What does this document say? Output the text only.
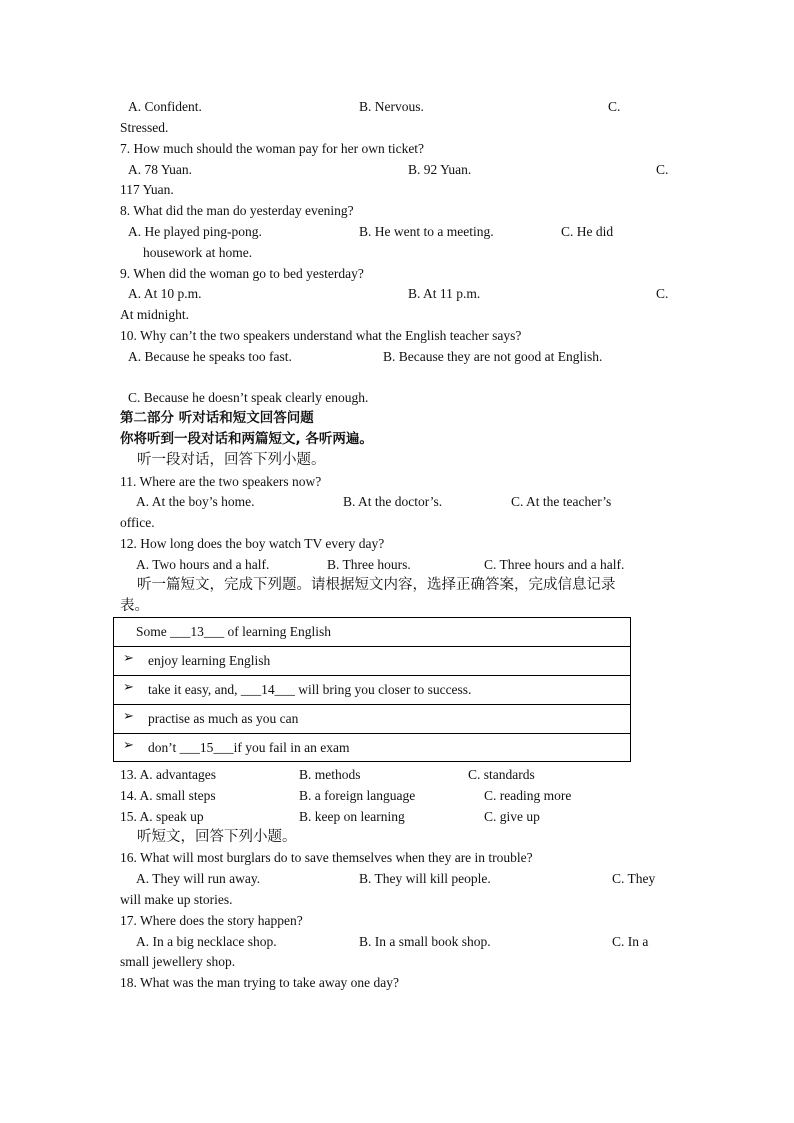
A. Confident.	B. Nervous.	C.
Stressed.
7. How much should the woman pay for her own ticket?
A. 78 Yuan.	B. 92 Yuan.	C.
117 Yuan.
8. What did the man do yesterday evening?
A. He played ping-pong.	B. He went to a meeting.	C. He did
housework at home.
9. When did the woman go to bed yesterday?
A. At 10 p.m.	B. At 11 p.m.	C.
At midnight.
10. Why can’t the two speakers understand what the English teacher says?
A. Because he speaks too fast.	B. Because they are not good at English.
C. Because he doesn’t speak clearly enough.
第二部分 听对话和短文回答问题
你将听到一段对话和两篇短文, 各听两遍。
听一段对话，回答下列小题。
11. Where are the two speakers now?
A. At the boy’s home.	B. At the doctor’s.	C. At the teacher’s
office.
12. How long does the boy watch TV every day?
A. Two hours and a half.	B. Three hours.	C. Three hours and a half.
听一篇短文，完成下列题。请根据短文内容，选择正确答案，完成信息记录
表。
Some ___13___ of learning English
➢ enjoy learning English
➢ take it easy, and, ___14___ will bring you closer to success.
➢ practise as much as you can
➢ don’t ___15___if you fail in an exam
13. A. advantages	B. methods	C. standards
14. A. small steps	B. a foreign language	C. reading more
15. A. speak up	B. keep on learning	C. give up
听短文，回答下列小题。
16. What will most burglars do to save themselves when they are in trouble?
A. They will run away.	B. They will kill people.	C. They
will make up stories.
17. Where does the story happen?
A. In a big necklace shop.	B. In a small book shop.	C. In a
small jewellery shop.
18. What was the man trying to take away one day?
